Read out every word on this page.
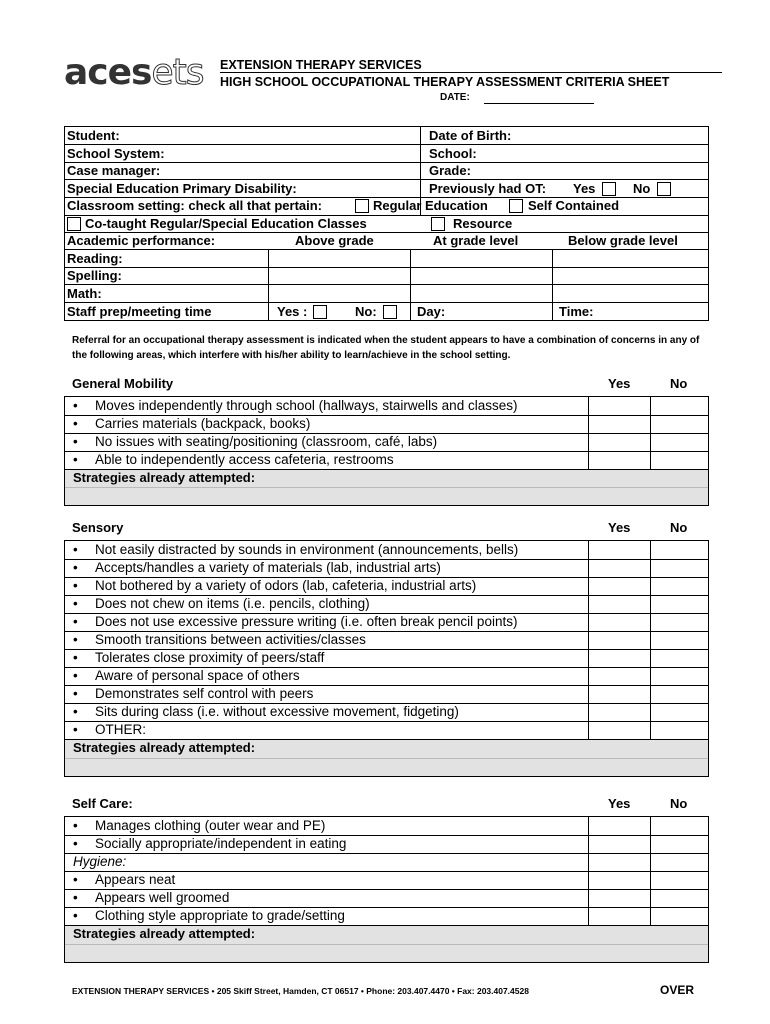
acesets EXTENSION THERAPY SERVICES
HIGH SCHOOL OCCUPATIONAL THERAPY ASSESSMENT CRITERIA SHEET
DATE:
Student:	Date of Birth:
School System:	School:
Case manager:	Grade:
Special Education Primary Disability:	Previously had OT: Yes	No
Classroom setting: check all that pertain:	Regular Education	Self Contained
Co-taught Regular/Special Education Classes	Resource
Academic performance:	Above grade	At grade level	Below grade level
Reading:
Spelling:
Math:
Staff prep/meeting time	Yes :	No:	Day:	Time:
Referral for an occupational therapy assessment is indicated when the student appears to have a combination of concerns in any of the following areas, which interfere with his/her ability to learn/achieve in the school setting.
General Mobility	Yes	No
• Moves independently through school (hallways, stairwells and classes)
• Carries materials (backpack, books)
• No issues with seating/positioning (classroom, café, labs)
• Able to independently access cafeteria, restrooms
Strategies already attempted:
Sensory	Yes	No
• Not easily distracted by sounds in environment (announcements, bells)
• Accepts/handles a variety of materials (lab, industrial arts)
• Not bothered by a variety of odors (lab, cafeteria, industrial arts)
• Does not chew on items (i.e. pencils, clothing)
• Does not use excessive pressure writing (i.e. often break pencil points)
• Smooth transitions between activities/classes
• Tolerates close proximity of peers/staff
• Aware of personal space of others
• Demonstrates self control with peers
• Sits during class (i.e. without excessive movement, fidgeting)
• OTHER:
Strategies already attempted:
Self Care:	Yes	No
• Manages clothing (outer wear and PE)
• Socially appropriate/independent in eating
Hygiene:
• Appears neat
• Appears well groomed
• Clothing style appropriate to grade/setting
Strategies already attempted:
EXTENSION THERAPY SERVICES • 205 Skiff Street, Hamden, CT 06517 • Phone: 203.407.4470 • Fax: 203.407.4528	OVER
